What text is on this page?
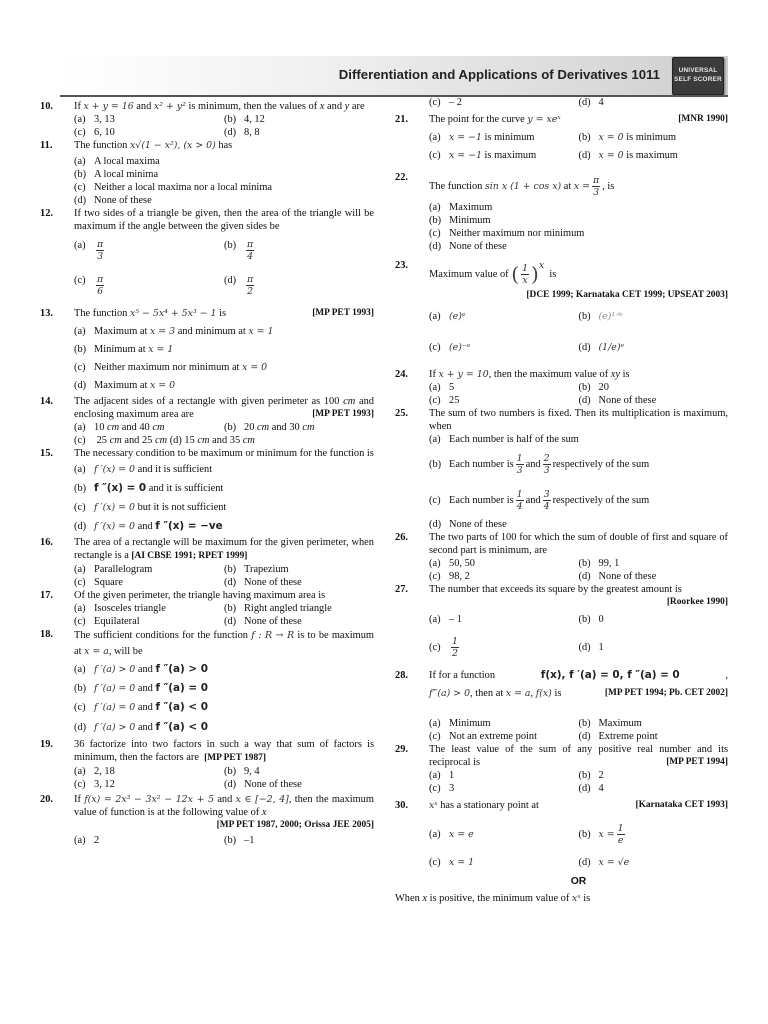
Differentiation and Applications of Derivatives 1011	UNIVERSAL
SELF SCORER
10.	If x + y = 16 and x² + y² is minimum, then the values of x and y are
(a) 3, 13	(b) 4, 12
(c) 6, 10	(d) 8, 8
11.	The function x√(1 − x²), (x > 0) has
(a) A local maxima
(b) A local minima
(c) Neither a local maxima nor a local minima
(d) None of these
12.	If two sides of a triangle be given, then the area of the triangle will be maximum if the angle between the given sides be
(a)	$\frac{\pi}{3}$	(b)	$\frac{\pi}{4}$
(c)	$\frac{\pi}{6}$	(d)	$\frac{\pi}{2}$
13.	The function x⁵ − 5x⁴ + 5x³ − 1 is	[MP PET 1993]
(a) Maximum at x = 3 and minimum at x = 1
(b) Minimum at x = 1
(c) Neither maximum nor minimum at x = 0
(d) Maximum at x = 0
14.	The adjacent sides of a rectangle with given perimeter as 100 cm and enclosing maximum area are	[MP PET 1993]
(a) 10 cm and 40 cm	(b) 20 cm and 30 cm
(c)	25 cm and 25 cm (d) 15 cm and 35 cm
15.	The necessary condition to be maximum or minimum for the function is
(a) f ′(x) = 0 and it is sufficient
(b) f ″(x) = 0 and it is sufficient
(c) f ′(x) = 0 but it is not sufficient
(d) f ′(x) = 0 and f ″(x) = −ve
16.	The area of a rectangle will be maximum for the given perimeter, when rectangle is a [AI CBSE 1991; RPET 1999]
(a) Parallelogram	(b) Trapezium
(c) Square	(d) None of these
17.	Of the given perimeter, the triangle having maximum area is
(a) Isosceles triangle	(b) Right angled triangle
(c) Equilateral	(d) None of these
18.	The sufficient conditions for the function f : R → R is to be maximum at x = a, will be
(a) f ′(a) > 0 and f ″(a) > 0
(b) f ′(a) = 0 and f ″(a) = 0
(c) f ′(a) = 0 and f ″(a) < 0
(d) f ′(a) > 0 and f ″(a) < 0
19.	36 factorize into two factors in such a way that sum of factors is minimum, then the factors are [MP PET 1987]
(a) 2, 18	(b) 9, 4
(c) 3, 12	(d) None of these
20.	If f(x) = 2x³ − 3x² − 12x + 5 and x ∈ [−2, 4], then the maximum value of function is at the following value of x
[MP PET 1987, 2000; Orissa JEE 2005]
(a) 2	(b) –1
(c) – 2	(d) 4
21.	The point for the curve y = xeˣ	[MNR 1990]
(a) x = −1 is minimum	(b) x = 0 is minimum
(c) x = −1 is maximum	(d) x = 0 is maximum
22.
The function
sin x (1 + cos x)
at
$x = \frac{\pi}{3}$ , is
(a) Maximum
(b) Minimum
(c) Neither maximum nor minimum
(d) None of these
23.
Maximum value of
( $\frac{1}{x}$ ) x

is
[DCE 1999; Karnataka CET 1999; UPSEAT 2003]
(a) (e)ᵉ	(b) (e)¹ᐟᵉ
(c) (e)⁻ᵉ	(d) (1/e)ᵉ
24.	If x + y = 10, then the maximum value of xy is
(a) 5	(b) 20
(c) 25	(d) None of these
25.	The sum of two numbers is fixed. Then its multiplication is maximum, when
(a) Each number is half of the sum
(b) Each number is $\frac{1}{3}$ and $\frac{2}{3}$ respectively of the sum
(c) Each number is $\frac{1}{4}$ and $\frac{3}{4}$ respectively of the sum
(d) None of these
26.	The two parts of 100 for which the sum of double of first and square of second part is minimum, are
(a) 50, 50	(b) 99, 1
(c) 98, 2	(d) None of these
27.	The number that exceeds its square by the greatest amount is
[Roorkee 1990]
(a) – 1	(b) 0
(c)	$\frac{1}{2}$	(d) 1
28.	If for a function	f(x), f ′(a) = 0, f ″(a) = 0	,
f‴(a) > 0, then at x = a, f(x) is	[MP PET 1994; Pb. CET 2002]
(a) Minimum	(b) Maximum
(c) Not an extreme point	(d) Extreme point
29.	The least value of the sum of any positive real number and its reciprocal is	[MP PET 1994]
(a) 1	(b) 2
(c) 3	(d) 4
30.	xˣ has a stationary point at	[Karnataka CET 1993]
(a) x = e	(b) $x = \frac{1}{e}$
(c) x = 1	(d) x = √e
OR
When x is positive, the minimum value of xˣ is
